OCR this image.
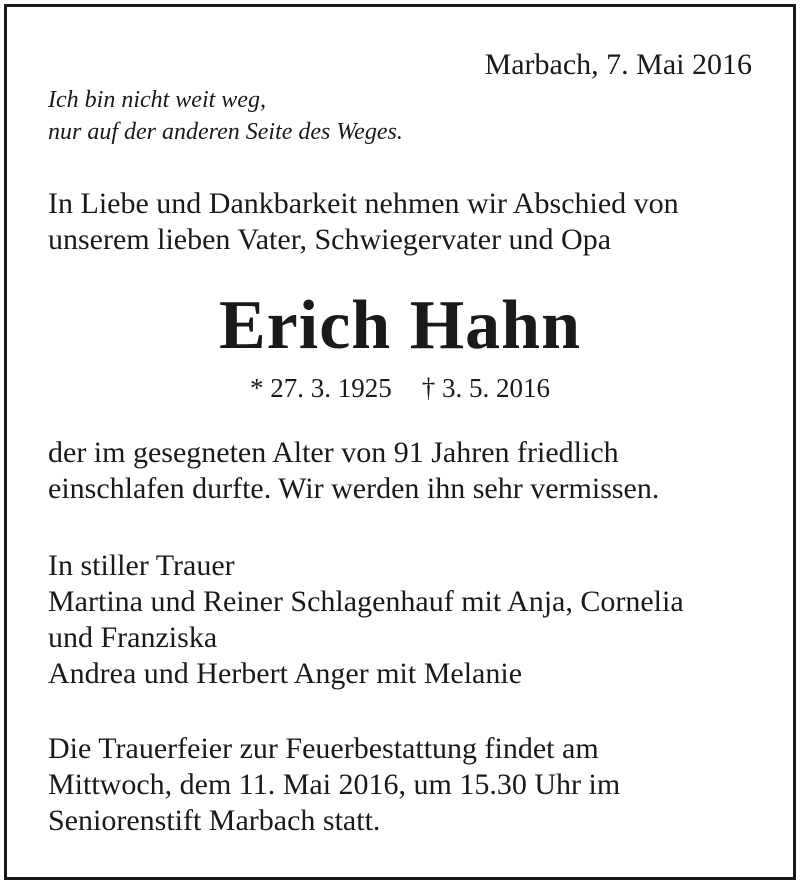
Marbach, 7. Mai 2016
Ich bin nicht weit weg,
nur auf der anderen Seite des Weges.
In Liebe und Dankbarkeit nehmen wir Abschied von
unserem lieben Vater, Schwiegervater und Opa
Erich Hahn
* 27. 3. 1925 † 3. 5. 2016
der im gesegneten Alter von 91 Jahren friedlich
einschlafen durfte. Wir werden ihn sehr vermissen.
In stiller Trauer
Martina und Reiner Schlagenhauf mit Anja, Cornelia
und Franziska
Andrea und Herbert Anger mit Melanie
Die Trauerfeier zur Feuerbestattung findet am
Mittwoch, dem 11. Mai 2016, um 15.30 Uhr im
Seniorenstift Marbach statt.
